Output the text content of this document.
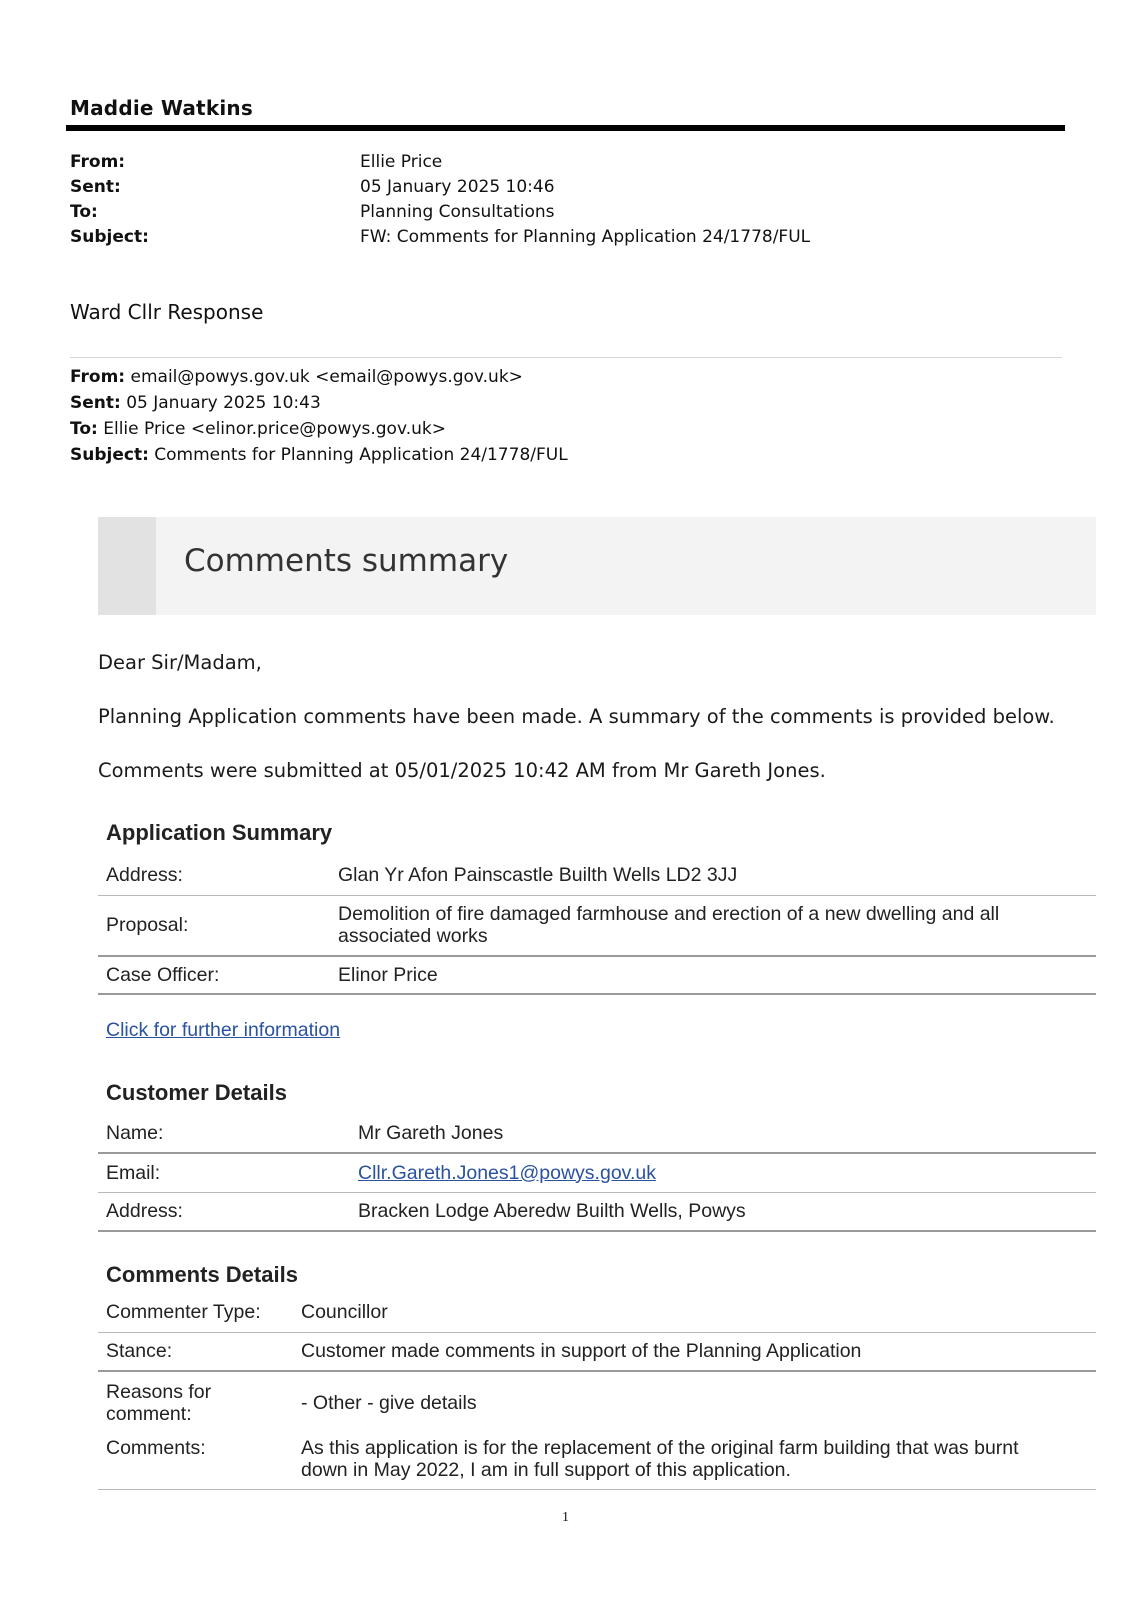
Maddie Watkins
From:	Ellie Price
Sent:	05 January 2025 10:46
To:	Planning Consultations
Subject:	FW: Comments for Planning Application 24/1778/FUL
Ward Cllr Response
From: email@powys.gov.uk <email@powys.gov.uk>
Sent: 05 January 2025 10:43
To: Ellie Price <elinor.price@powys.gov.uk>
Subject: Comments for Planning Application 24/1778/FUL
Comments summary
Dear Sir/Madam,
Planning Application comments have been made. A summary of the comments is provided below.
Comments were submitted at 05/01/2025 10:42 AM from Mr Gareth Jones.
Application Summary
Address:	Glan Yr Afon Painscastle Builth Wells LD2 3JJ
Proposal:	Demolition of fire damaged farmhouse and erection of a new dwelling and all associated works
Case Officer:	Elinor Price
Click for further information
Customer Details
Name:	Mr Gareth Jones
Email:	Cllr.Gareth.Jones1@powys.gov.uk
Address:	Bracken Lodge Aberedw Builth Wells, Powys
Comments Details
Commenter Type:	Councillor
Stance:	Customer made comments in support of the Planning Application
Reasons for comment:	- Other - give details
Comments:	As this application is for the replacement of the original farm building that was burnt down in May 2022, I am in full support of this application.
1
